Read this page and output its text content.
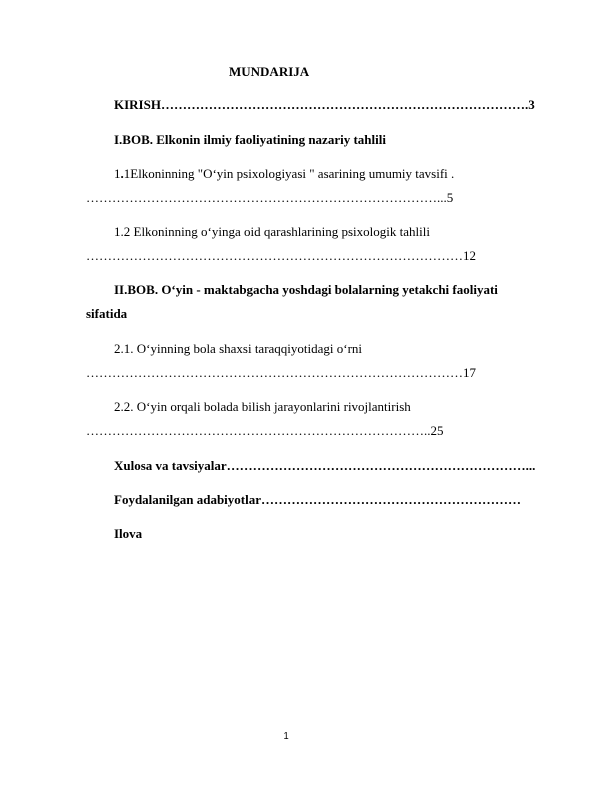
MUNDARIJA
KIRISH………………………………………………………………………….3
I.BOB. Elkonin ilmiy faoliyatining nazariy tahlili
1.1Elkoninning "O‘yin psixologiyasi " asarining umumiy tavsifi .
………………………………………………………………………...5
1.2 Elkoninning o‘yinga oid qarashlarining psixologik tahlili
……………………………………………………………………………12
II.BOB. O‘yin - maktabgacha yoshdagi bolalarning yetakchi faoliyati
sifatida
2.1. O‘yinning bola shaxsi taraqqiyotidagi o‘rni
……………………………………………………………………………17
2.2. O‘yin orqali bolada bilish jarayonlarini rivojlantirish
……………………………………………………………………..25
Xulosa va tavsiyalar……………………………………………………………...
Foydalanilgan adabiyotlar……………………………………………………
Ilova
1
